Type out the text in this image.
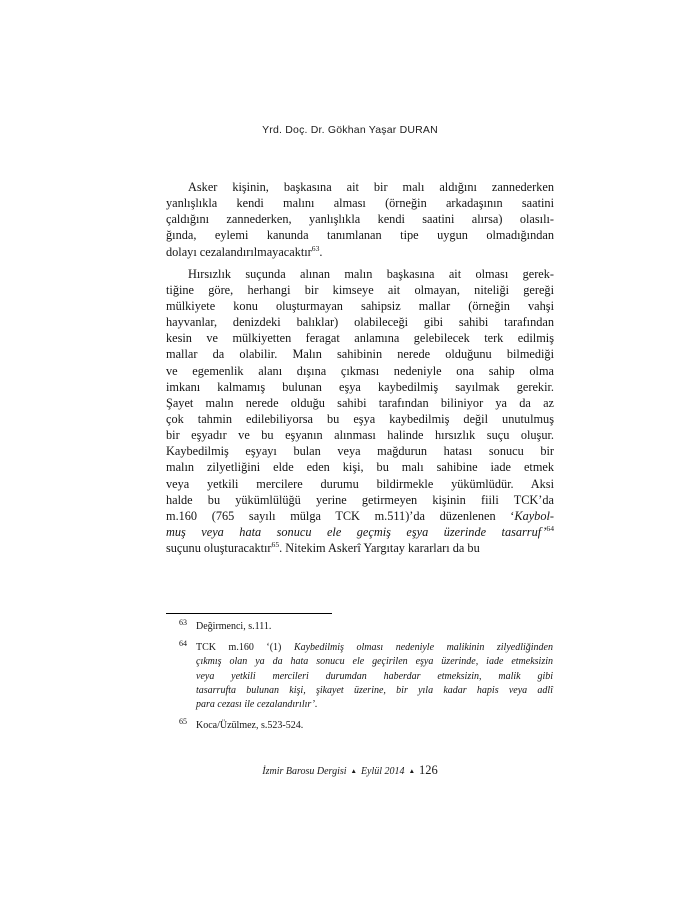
Yrd. Doç. Dr. Gökhan Yaşar DURAN
Asker kişinin, başkasına ait bir malı aldığını zannederken
yanlışlıkla kendi malını alması (örneğin arkadaşının saatini
çaldığını zannederken, yanlışlıkla kendi saatini alırsa) olasılı-
ğında, eylemi kanunda tanımlanan tipe uygun olmadığından
dolayı cezalandırılmayacaktır$^{63}$.
Hırsızlık suçunda alınan malın başkasına ait olması gerek-
tiğine göre, herhangi bir kimseye ait olmayan, niteliği gereği
mülkiyete konu oluşturmayan sahipsiz mallar (örneğin vahşi
hayvanlar, denizdeki balıklar) olabileceği gibi sahibi tarafından
kesin ve mülkiyetten feragat anlamına gelebilecek terk edilmiş
mallar da olabilir. Malın sahibinin nerede olduğunu bilmediği
ve egemenlik alanı dışına çıkması nedeniyle ona sahip olma
imkanı kalmamış bulunan eşya kaybedilmiş sayılmak gerekir.
Şayet malın nerede olduğu sahibi tarafından biliniyor ya da az
çok tahmin edilebiliyorsa bu eşya kaybedilmiş değil unutulmuş
bir eşyadır ve bu eşyanın alınması halinde hırsızlık suçu oluşur.
Kaybedilmiş eşyayı bulan veya mağdurun hatası sonucu bir
malın zilyetliğini elde eden kişi, bu malı sahibine iade etmek
veya yetkili mercilere durumu bildirmekle yükümlüdür. Aksi
halde bu yükümlülüğü yerine getirmeyen kişinin fiili TCK’da
m.160 (765 sayılı mülga TCK m.511)’da düzenlenen ‘Kaybol-
muş veya hata sonucu ele geçmiş eşya üzerinde tasarruf’$^{64}$
suçunu oluşturacaktır$^{65}$. Nitekim Askerî Yargıtay kararları da bu
63 Değirmenci, s.111.
64 TCK m.160 ‘(1) Kaybedilmiş olması nedeniyle malikinin zilyedliğinden
çıkmış olan ya da hata sonucu ele geçirilen eşya üzerinde, iade etmeksizin
veya yetkili mercileri durumdan haberdar etmeksizin, malik gibi
tasarrufta bulunan kişi, şikayet üzerine, bir yıla kadar hapis veya adlî
para cezası ile cezalandırılır’.
65 Koca/Üzülmez, s.523-524.
İzmir Barosu Dergisi ▲ Eylül 2014 ▲ 126
